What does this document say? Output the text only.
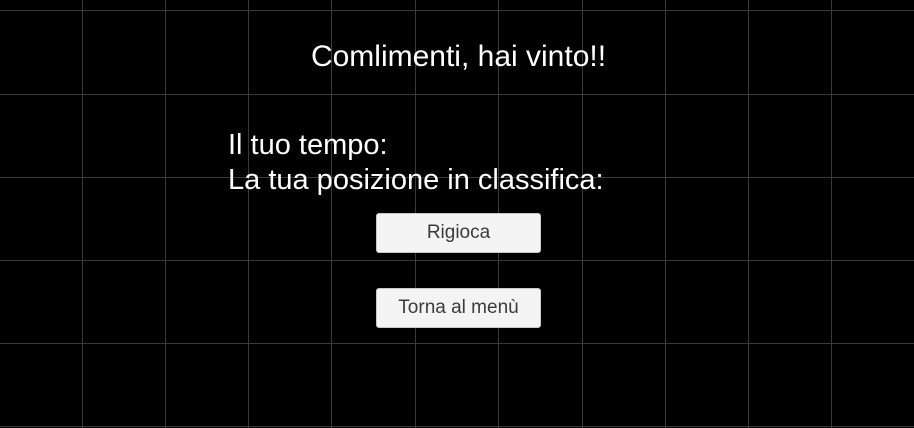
Comlimenti, hai vinto!!
Il tuo tempo:
La tua posizione in classifica:
Rigioca
Torna al menù
